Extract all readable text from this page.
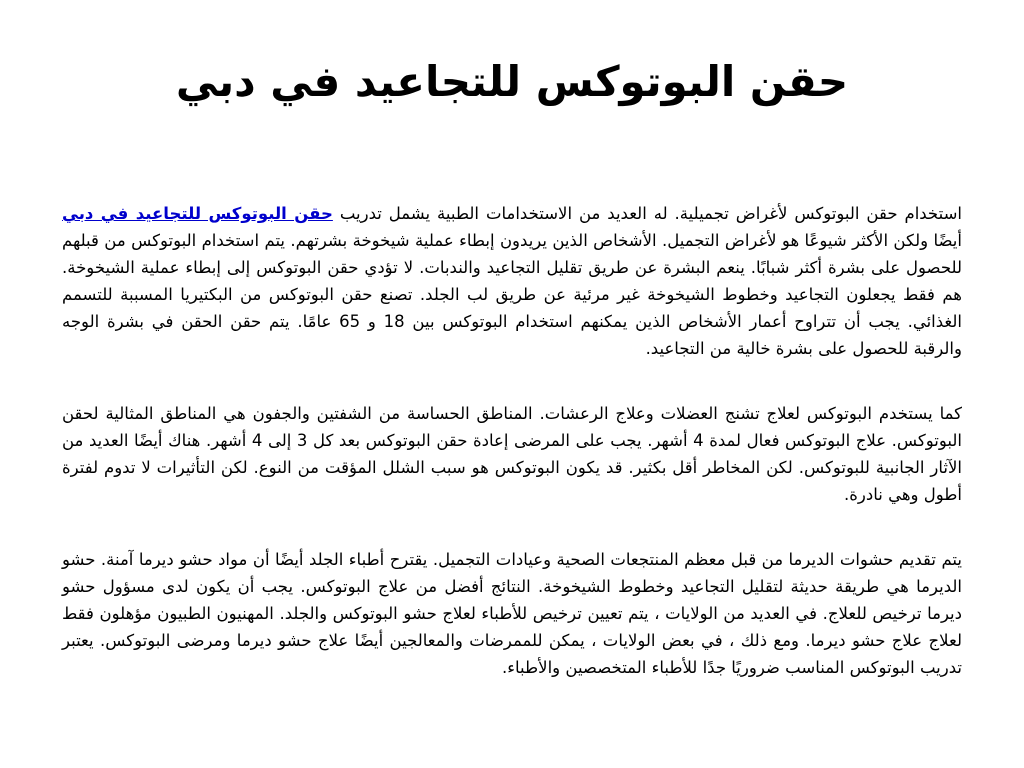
حقن البوتوكس للتجاعيد في دبي

استخدام حقن البوتوكس لأغراض تجميلية. له العديد من الاستخدامات الطبية يشمل تدريب حقن البوتوكس للتجاعيد في دبي أيضًا ولكن الأكثر شيوعًا هو لأغراض التجميل. الأشخاص الذين يريدون إبطاء عملية شيخوخة بشرتهم. يتم استخدام البوتوكس من قبلهم للحصول على بشرة أكثر شبابًا. ينعم البشرة عن طريق تقليل التجاعيد والندبات. لا تؤدي حقن البوتوكس إلى إبطاء عملية الشيخوخة. هم فقط يجعلون التجاعيد وخطوط الشيخوخة غير مرئية عن طريق لب الجلد. تصنع حقن البوتوكس من البكتيريا المسببة للتسمم الغذائي. يجب أن تتراوح أعمار الأشخاص الذين يمكنهم استخدام البوتوكس بين 18 و 65 عامًا. يتم حقن الحقن في بشرة الوجه والرقبة للحصول على بشرة خالية من التجاعيد.

كما يستخدم البوتوكس لعلاج تشنج العضلات وعلاج الرعشات. المناطق الحساسة من الشفتين والجفون هي المناطق المثالية لحقن البوتوكس. علاج البوتوكس فعال لمدة 4 أشهر. يجب على المرضى إعادة حقن البوتوكس بعد كل 3 إلى 4 أشهر. هناك أيضًا العديد من الآثار الجانبية للبوتوكس. لكن المخاطر أقل بكثير. قد يكون البوتوكس هو سبب الشلل المؤقت من النوع. لكن التأثيرات لا تدوم لفترة أطول وهي نادرة.

يتم تقديم حشوات الديرما من قبل معظم المنتجعات الصحية وعيادات التجميل. يقترح أطباء الجلد أيضًا أن مواد حشو ديرما آمنة. حشو الديرما هي طريقة حديثة لتقليل التجاعيد وخطوط الشيخوخة. النتائج أفضل من علاج البوتوكس. يجب أن يكون لدى مسؤول حشو ديرما ترخيص للعلاج. في العديد من الولايات ، يتم تعيين ترخيص للأطباء لعلاج حشو البوتوكس والجلد. المهنيون الطبيون مؤهلون فقط لعلاج علاج حشو ديرما. ومع ذلك ، في بعض الولايات ، يمكن للممرضات والمعالجين أيضًا علاج حشو ديرما ومرضى البوتوكس. يعتبر تدريب البوتوكس المناسب ضروريًا جدًا للأطباء المتخصصين والأطباء.
